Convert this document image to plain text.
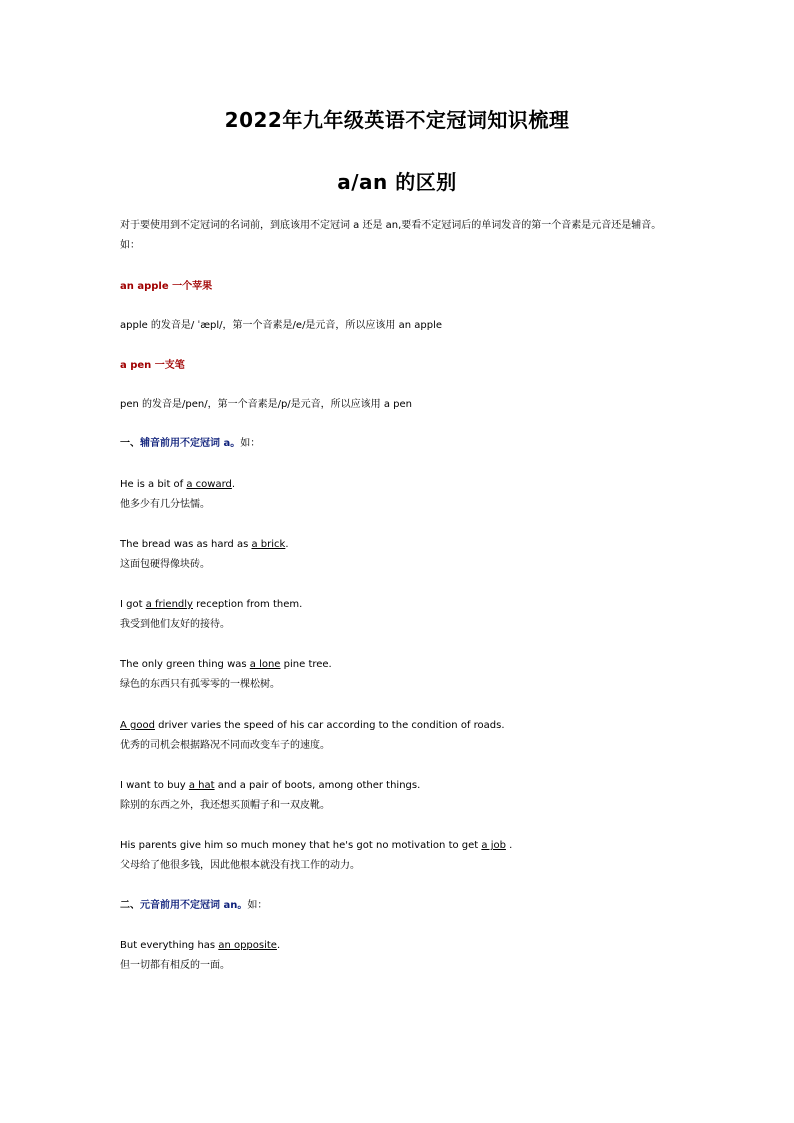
2022年九年级英语不定冠词知识梳理
a/an 的区别
对于要使用到不定冠词的名词前，到底该用不定冠词 a 还是 an,要看不定冠词后的单词发音的第一个音素是元音还是辅音。如：
an apple 一个苹果
apple 的发音是/ ˈæpl/，第一个音素是/e/是元音，所以应该用 an apple
a pen 一支笔
pen 的发音是/pen/，第一个音素是/p/是元音，所以应该用 a pen
一、辅音前用不定冠词 a。如：
He is a bit of a coward.
他多少有几分怯懦。
The bread was as hard as a brick.
这面包硬得像块砖。
I got a friendly reception from them.
我受到他们友好的接待。
The only green thing was a lone pine tree.
绿色的东西只有孤零零的一棵松树。
A good driver varies the speed of his car according to the condition of roads.
优秀的司机会根据路况不同而改变车子的速度。
I want to buy a hat and a pair of boots, among other things.
除别的东西之外，我还想买顶帽子和一双皮靴。
His parents give him so much money that he's got no motivation to get a job .
父母给了他很多钱，因此他根本就没有找工作的动力。
二、元音前用不定冠词 an。如：
But everything has an opposite.
但一切都有相反的一面。
